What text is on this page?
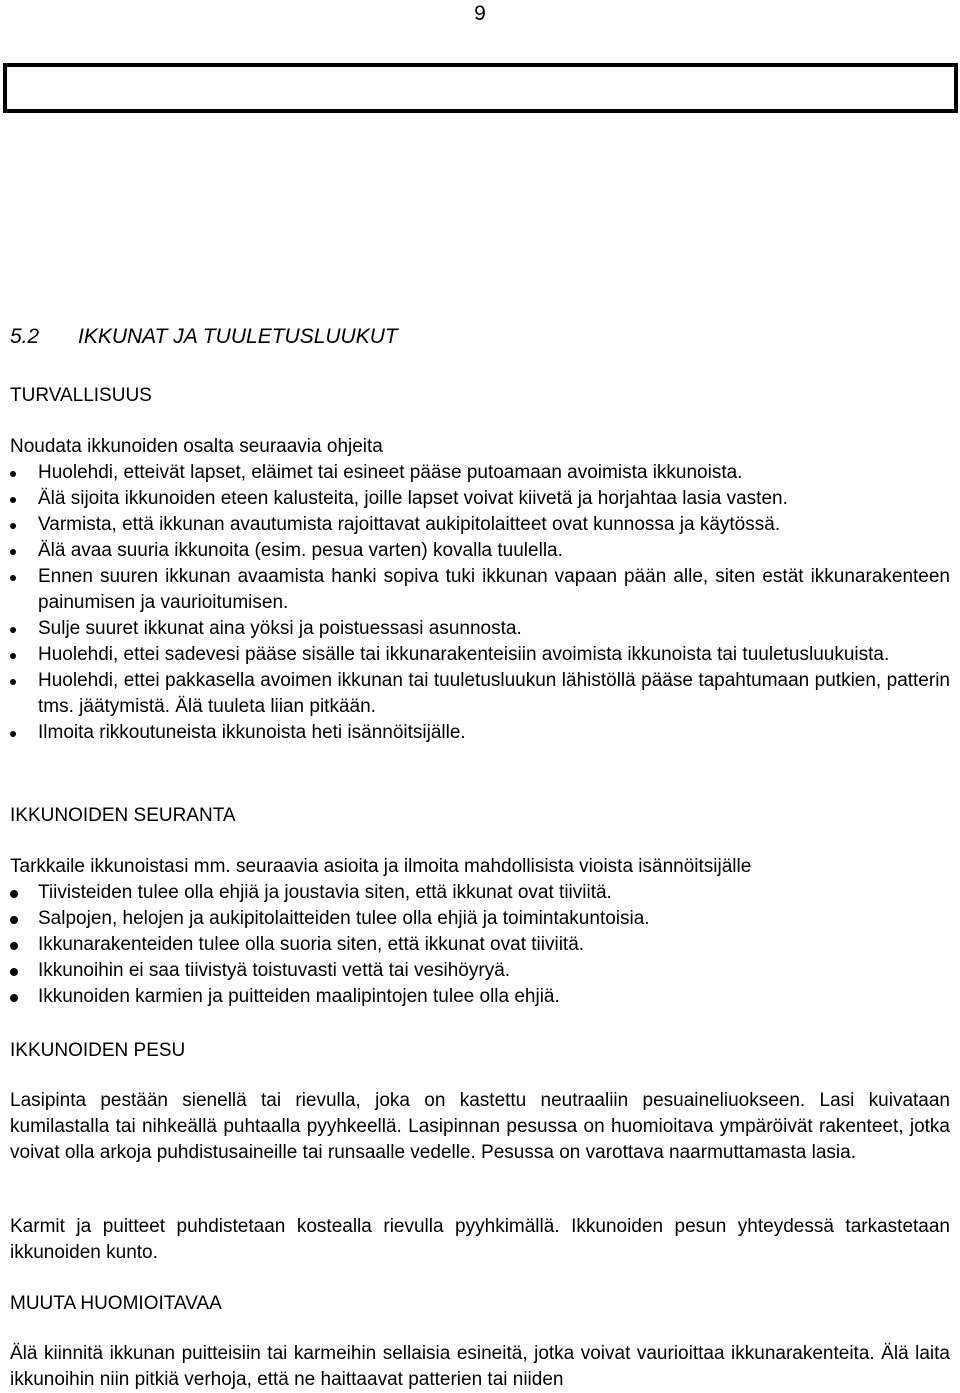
9
5.2 IKKUNAT JA TUULETUSLUUKUT
TURVALLISUUS
Noudata ikkunoiden osalta seuraavia ohjeita
Huolehdi, etteivät lapset, eläimet tai esineet pääse putoamaan avoimista ikkunoista.
Älä sijoita ikkunoiden eteen kalusteita, joille lapset voivat kiivetä ja horjahtaa lasia vasten.
Varmista, että ikkunan avautumista rajoittavat aukipitolaitteet ovat kunnossa ja käytössä.
Älä avaa suuria ikkunoita (esim. pesua varten) kovalla tuulella.
Ennen suuren ikkunan avaamista hanki sopiva tuki ikkunan vapaan pään alle, siten estät ikkunarakenteen painumisen ja vaurioitumisen.
Sulje suuret ikkunat aina yöksi ja poistuessasi asunnosta.
Huolehdi, ettei sadevesi pääse sisälle tai ikkunarakenteisiin avoimista ikkunoista tai tuuletusluukuista.
Huolehdi, ettei pakkasella avoimen ikkunan tai tuuletusluukun lähistöllä pääse tapahtumaan putkien, patterin tms. jäätymistä. Älä tuuleta liian pitkään.
Ilmoita rikkoutuneista ikkunoista heti isännöitsijälle.
IKKUNOIDEN SEURANTA
Tarkkaile ikkunoistasi mm. seuraavia asioita ja ilmoita mahdollisista vioista isännöitsijälle
Tiivisteiden tulee olla ehjiä ja joustavia siten, että ikkunat ovat tiiviitä.
Salpojen, helojen ja aukipitolaitteiden tulee olla ehjiä ja toimintakuntoisia.
Ikkunarakenteiden tulee olla suoria siten, että ikkunat ovat tiiviitä.
Ikkunoihin ei saa tiivistyä toistuvasti vettä tai vesihöyryä.
Ikkunoiden karmien ja puitteiden maalipintojen tulee olla ehjiä.
IKKUNOIDEN PESU

Lasipinta pestään sienellä tai rievulla, joka on kastettu neutraaliin pesuaineliuokseen. Lasi kuivataan kumilastalla tai nihkeällä puhtaalla pyyhkeellä. Lasipinnan pesussa on huomioitava ympäröivät rakenteet, jotka voivat olla arkoja puhdistusaineille tai runsaalle vedelle. Pesussa on varottava naarmuttamasta lasia.

Karmit ja puitteet puhdistetaan kostealla rievulla pyyhkimällä. Ikkunoiden pesun yhteydessä tarkastetaan ikkunoiden kunto.

MUUTA HUOMIOITAVAA

Älä kiinnitä ikkunan puitteisiin tai karmeihin sellaisia esineitä, jotka voivat vaurioittaa ikkunarakenteita. Älä laita ikkunoihin niin pitkiä verhoja, että ne haittaavat patterien tai niiden
